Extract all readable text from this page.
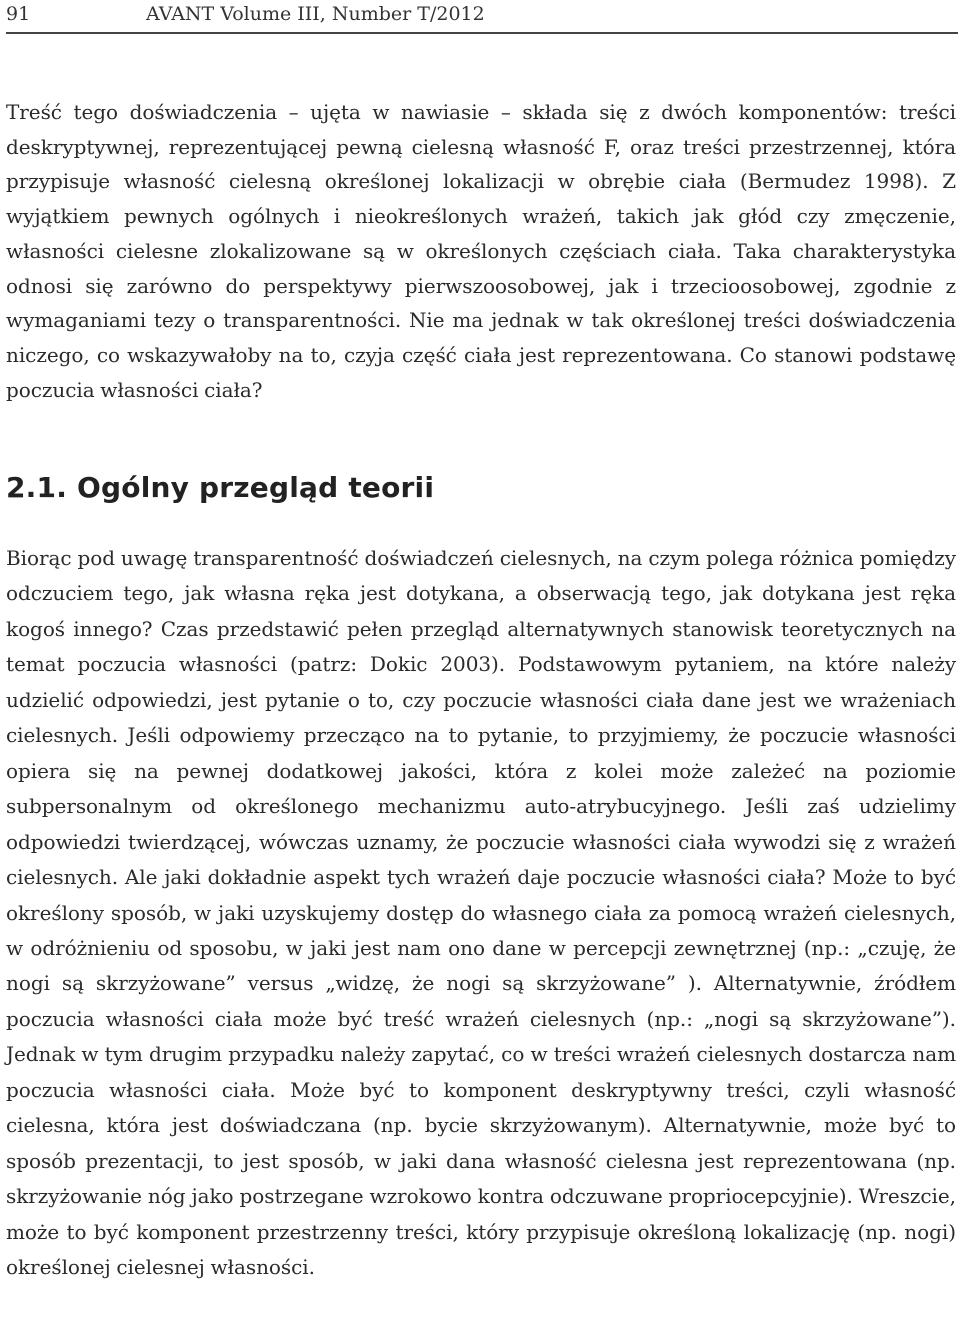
91	AVANT Volume III, Number T/2012

Treść tego doświadczenia – ujęta w nawiasie – składa się z dwóch komponentów: treści deskryptywnej, reprezentującej pewną cielesną własność F, oraz treści przestrzennej, która przypisuje własność cielesną określonej lokalizacji w obrębie ciała (Bermudez 1998). Z wyjątkiem pewnych ogólnych i nieokreślonych wrażeń, takich jak głód czy zmęczenie, własności cielesne zlokalizowane są w określonych częściach ciała. Taka charakterystyka odnosi się zarówno do perspektywy pierwszoosobowej, jak i trzecioosobowej, zgodnie z wymaganiami tezy o transparentności. Nie ma jednak w tak określonej treści doświadczenia niczego, co wskazywałoby na to, czyja część ciała jest reprezentowana. Co stanowi podstawę poczucia własności ciała?

2.1. Ogólny przegląd teorii

Biorąc pod uwagę transparentność doświadczeń cielesnych, na czym polega różnica pomiędzy odczuciem tego, jak własna ręka jest dotykana, a obserwacją tego, jak dotykana jest ręka kogoś innego? Czas przedstawić pełen przegląd alternatywnych stanowisk teoretycznych na temat poczucia własności (patrz: Dokic 2003). Podstawowym pytaniem, na które należy udzielić odpowiedzi, jest pytanie o to, czy poczucie własności ciała dane jest we wrażeniach cielesnych. Jeśli odpowiemy przecząco na to pytanie, to przyjmiemy, że poczucie własności opiera się na pewnej dodatkowej jakości, która z kolei może zależeć na poziomie subpersonalnym od określonego mechanizmu auto-atrybucyjnego. Jeśli zaś udzielimy odpowiedzi twierdzącej, wówczas uznamy, że poczucie własności ciała wywodzi się z wrażeń cielesnych. Ale jaki dokładnie aspekt tych wrażeń daje poczucie własności ciała? Może to być określony sposób, w jaki uzyskujemy dostęp do własnego ciała za pomocą wrażeń cielesnych, w odróżnieniu od sposobu, w jaki jest nam ono dane w percepcji zewnętrznej (np.: „czuję, że nogi są skrzyżowane” versus „widzę, że nogi są skrzyżowane” ). Alternatywnie, źródłem poczucia własności ciała może być treść wrażeń cielesnych (np.: „nogi są skrzyżowane”). Jednak w tym drugim przypadku należy zapytać, co w treści wrażeń cielesnych dostarcza nam poczucia własności ciała. Może być to komponent deskryptywny treści, czyli własność cielesna, która jest doświadczana (np. bycie skrzyżowanym). Alternatywnie, może być to sposób prezentacji, to jest sposób, w jaki dana własność cielesna jest reprezentowana (np. skrzyżowanie nóg jako postrzegane wzrokowo kontra odczuwane propriocepcyjnie). Wreszcie, może to być komponent przestrzenny treści, który przypisuje określoną lokalizację (np. nogi) określonej cielesnej własności.
